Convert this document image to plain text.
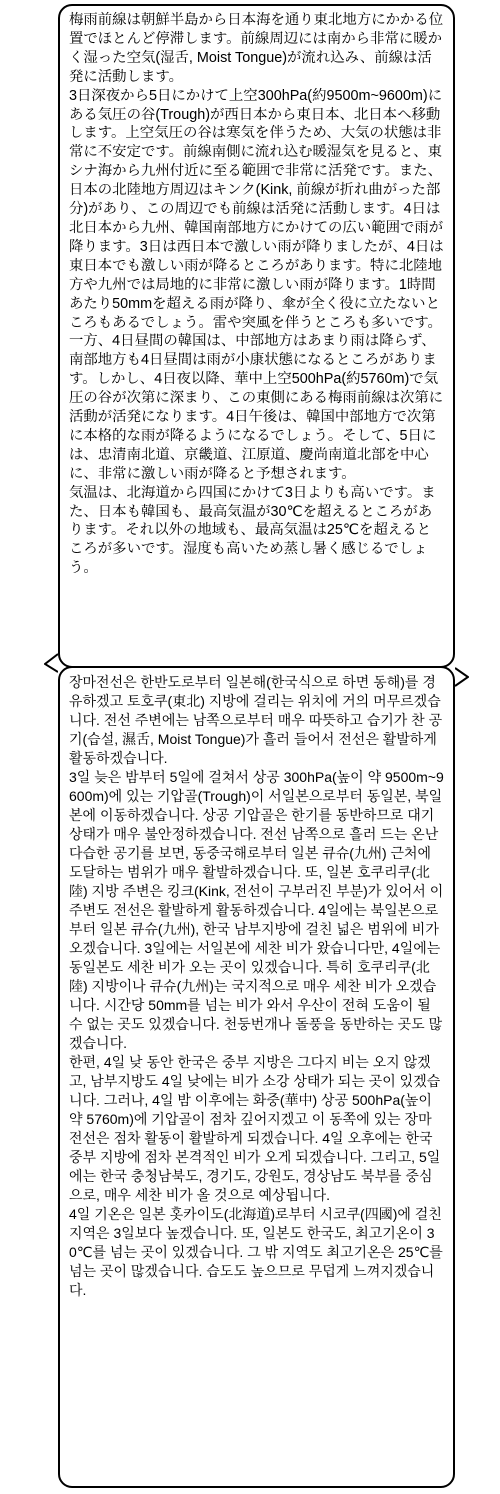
梅雨前線は朝鮮半島から日本海を通り東北地方にかかる位置でほとんど停滞します。前線周辺には南から非常に暖かく湿った空気(湿舌, Moist Tongue)が流れ込み、前線は活発に活動します。

3日深夜から5日にかけて上空300hPa(約9500m~9600m)にある気圧の谷(Trough)が西日本から東日本、北日本へ移動します。上空気圧の谷は寒気を伴うため、大気の状態は非常に不安定です。前線南側に流れ込む暖湿気を見ると、東シナ海から九州付近に至る範囲で非常に活発です。また、日本の北陸地方周辺はキンク(Kink, 前線が折れ曲がった部分)があり、この周辺でも前線は活発に活動します。4日は北日本から九州、韓国南部地方にかけての広い範囲で雨が降ります。3日は西日本で激しい雨が降りましたが、4日は東日本でも激しい雨が降るところがあります。特に北陸地方や九州では局地的に非常に激しい雨が降ります。1時間あたり50mmを超える雨が降り、傘が全く役に立たないところもあるでしょう。雷や突風を伴うところも多いです。

一方、4日昼間の韓国は、中部地方はあまり雨は降らず、南部地方も4日昼間は雨が小康状態になるところがあります。しかし、4日夜以降、華中上空500hPa(約5760m)で気圧の谷が次第に深まり、この東側にある梅雨前線は次第に活動が活発になります。4日午後は、韓国中部地方で次第に本格的な雨が降るようになるでしょう。そして、5日には、忠清南北道、京畿道、江原道、慶尚南道北部を中心に、非常に激しい雨が降ると予想されます。

気温は、北海道から四国にかけて3日よりも高いです。また、日本も韓国も、最高気温が30℃を超えるところがあります。それ以外の地域も、最高気温は25℃を超えるところが多いです。湿度も高いため蒸し暑く感じるでしょう。

장마전선은 한반도로부터 일본해(한국식으로 하면 동해)를 경유하겠고 토호쿠(東北) 지방에 걸리는 위치에 거의 머무르겠습니다. 전선 주변에는 남쪽으로부터 매우 따뜻하고 습기가 찬 공기(습설, 濕舌, Moist Tongue)가 흘러 들어서 전선은 활발하게 활동하겠습니다.

3일 늦은 밤부터 5일에 걸쳐서 상공 300hPa(높이 약 9500m~9600m)에 있는 기압골(Trough)이 서일본으로부터 동일본, 북일본에 이동하겠습니다. 상공 기압골은 한기를 동반하므로 대기 상태가 매우 불안정하겠습니다. 전선 남쪽으로 흘러 드는 온난 다습한 공기를 보면, 동중국해로부터 일본 큐슈(九州) 근처에 도달하는 범위가 매우 활발하겠습니다. 또, 일본 호쿠리쿠(北陸) 지방 주변은 킹크(Kink, 전선이 구부러진 부분)가 있어서 이 주변도 전선은 활발하게 활동하겠습니다. 4일에는 북일본으로부터 일본 큐슈(九州), 한국 남부지방에 걸친 넓은 범위에 비가 오겠습니다. 3일에는 서일본에 세찬 비가 왔습니다만, 4일에는 동일본도 세찬 비가 오는 곳이 있겠습니다. 특히 호쿠리쿠(北陸) 지방이나 큐슈(九州)는 국지적으로 매우 세찬 비가 오겠습니다. 시간당 50mm를 넘는 비가 와서 우산이 전혀 도움이 될 수 없는 곳도 있겠습니다. 천둥번개나 돌풍을 동반하는 곳도 많겠습니다.

한편, 4일 낮 동안 한국은 중부 지방은 그다지 비는 오지 않겠고, 남부지방도 4일 낮에는 비가 소강 상태가 되는 곳이 있겠습니다. 그러나, 4일 밤 이후에는 화중(華中) 상공 500hPa(높이 약 5760m)에 기압골이 점차 깊어지겠고 이 동쪽에 있는 장마전선은 점차 활동이 활발하게 되겠습니다. 4일 오후에는 한국 중부 지방에 점차 본격적인 비가 오게 되겠습니다. 그리고, 5일에는 한국 충청남북도, 경기도, 강원도, 경상남도 북부를 중심으로, 매우 세찬 비가 올 것으로 예상됩니다.

4일 기온은 일본 홋카이도(北海道)로부터 시코쿠(四國)에 걸친 지역은 3일보다 높겠습니다. 또, 일본도 한국도, 최고기온이 30℃를 넘는 곳이 있겠습니다. 그 밖 지역도 최고기온은 25℃를 넘는 곳이 많겠습니다. 습도도 높으므로 무덥게 느껴지겠습니다.
